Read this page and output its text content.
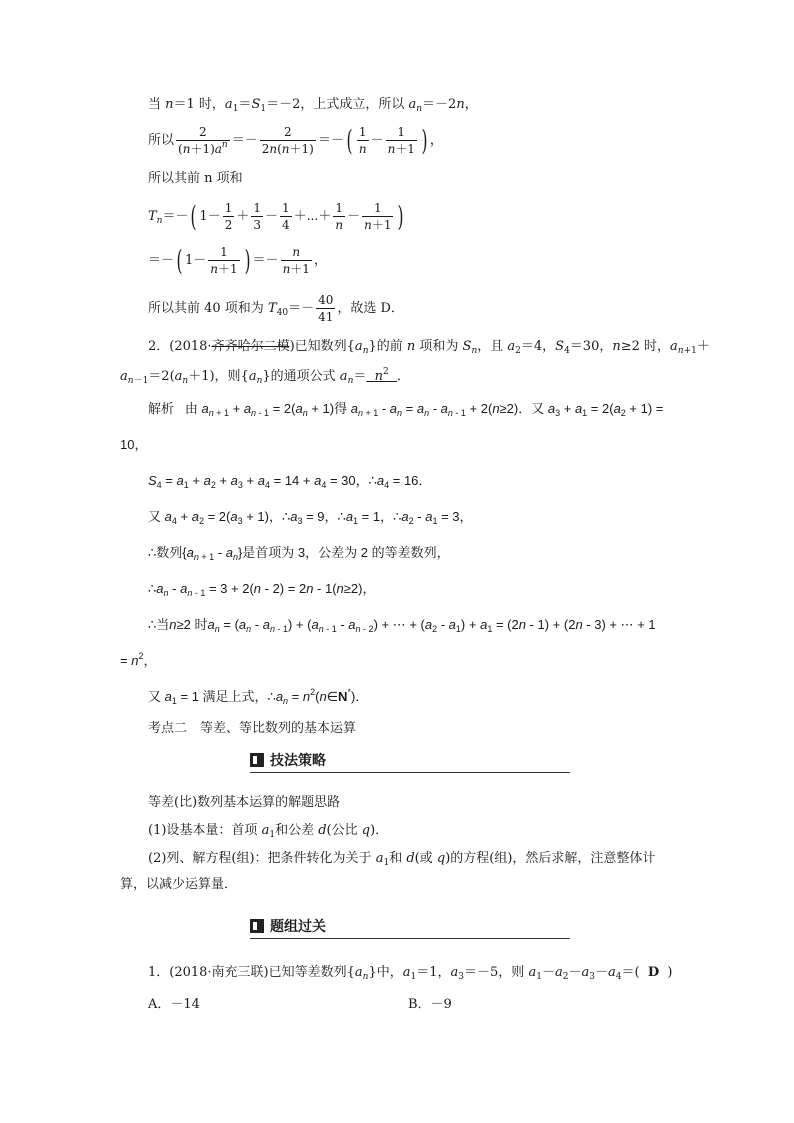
当 n＝1 时，$a_1=S_1=-2$，上式成立，所以 $a_n=-2n$，
所以 $\frac{2}{(n+1)a^n} =- \frac{2}{2n(n+1)}$ ＝－( $\frac{1}{n} - \frac{1}{n+1}$ ) ，
所以其前 n 项和
$T_n=-$( $1- \frac{1}{2} + \frac{1}{3} - \frac{1}{4}$ ＋⋯＋ $\frac{1}{n} - \frac{1}{n+1}$ )
＝－( $1- \frac{1}{n+1}$ ) ＝－ $\frac{n}{n+1}$ ，
所以其前 40 项和为 $T_{40}=- \frac{40}{41}$ ，故选 D．
2．(2018·齐齐哈尔二模)已知数列$\{a_n\}$的前 n 项和为 $S_n$，且 $a_2=4$，$S_4=30$，n≥2 时，$a_{n+1}+$
$a_{n-1}=2(a_n+1)$，则$\{a_n\}$的通项公式 $a_n= n^2$ ．
解析   由 $a_{n + 1} + a_{n - 1} = 2(a_n + 1)$得 $a_{n + 1} - a_n = a_n - a_{n - 1} + 2(n\ge 2)$．又 $a_3 + a_1 = 2(a_2 + 1)$ =
10，
$S_4 = a_1 + a_2 + a_3 + a_4 = 14 + a_4 = 30$，$\therefore a_4 = 16$．
又 $a_4 + a_2 = 2(a_3 + 1)$，$\therefore a_3 = 9$，$\therefore a_1 = 1$，$\therefore a_2 - a_1 = 3$，
∴数列$\{a_{n + 1} - a_n\}$是首项为 3，公差为 2 的等差数列，
$\therefore a_n - a_{n - 1} = 3 + 2(n - 2) = 2n - 1(n\ge 2)$，
∴当n≥2 时$a_n = (a_n - a_{n - 1}) + (a_{n - 1} - a_{n - 2})$ + ⋯ + $(a_2 - a_1) + a_1 = (2n - 1) + (2n - 3)$ + ⋯ + 1
= $n^2$，
又 $a_1 = 1$ 满足上式，$\therefore a_n$ = $n^2(n\in N^*)$．
考点二　等差、等比数列的基本运算
技法策略
等差(比)数列基本运算的解题思路
(1)设基本量：首项 $a_1$和公差 d(公比 q)．
(2)列、解方程(组)：把条件转化为关于 $a_1$和 d(或 q)的方程(组)，然后求解，注意整体计
算，以减少运算量．
题组过关
1．(2018·南充三联)已知等差数列$\{a_n\}$中，$a_1=1$，$a_3=-5$，则 $a_1-a_2-a_3-a_4=$(  D )
A．－14	B．－9
